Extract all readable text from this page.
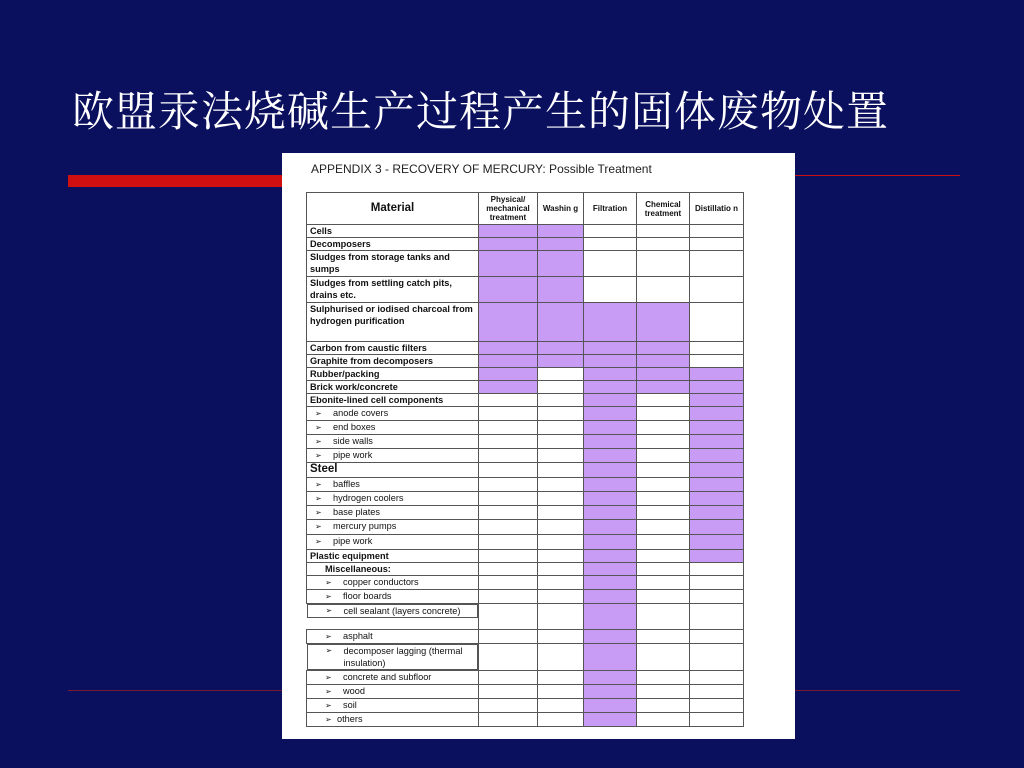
欧盟汞法烧碱生产过程产生的固体废物处置
APPENDIX 3 - RECOVERY OF MERCURY: Possible Treatment
Material	Physical/ mechanical treatment	Washin g	Filtration	Chemical treatment	Distillatio n
Cells					
Decomposers					
Sludges from storage tanks and sumps					
Sludges from settling catch pits, drains etc.					
Sulphurised or iodised charcoal from hydrogen purification					
Carbon from caustic filters					
Graphite from decomposers					
Rubber/packing					
Brick work/concrete					
Ebonite-lined cell components					
➢ anode covers					
➢ end boxes					
➢ side walls					
➢ pipe work					
Steel					
➢ baffles					
➢ hydrogen coolers					
➢ base plates					
➢ mercury pumps					
➢ pipe work					
Plastic equipment					
Miscellaneous:					
➢ copper conductors					
➢ floor boards					

➢	cell sealant (layers concrete)

➢ asphalt					

➢	decomposer lagging (thermal insulation)

➢ concrete and subfloor					
➢ wood					
➢ soil					
➢ others					
